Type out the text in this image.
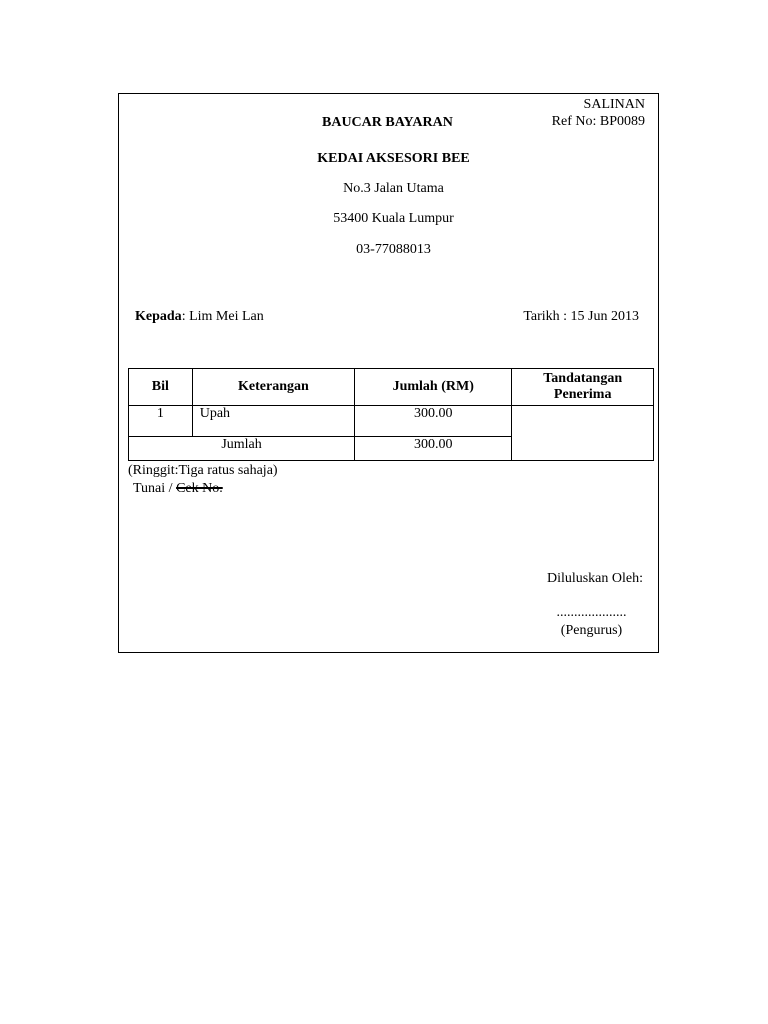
SALINAN
BAUCAR BAYARAN	Ref No: BP0089
KEDAI AKSESORI BEE
No.3 Jalan Utama
53400 Kuala Lumpur
03-77088013
Kepada: Lim Mei Lan	Tarikh : 15 Jun 2013
Bil	Keterangan	Jumlah (RM)	Tandatangan
Penerima

1	Upah	300.00	
Jumlah		300.00	
(Ringgit:Tiga ratus sahaja)
Tunai / Cek No.
Diluluskan Oleh:
....................
(Pengurus)
